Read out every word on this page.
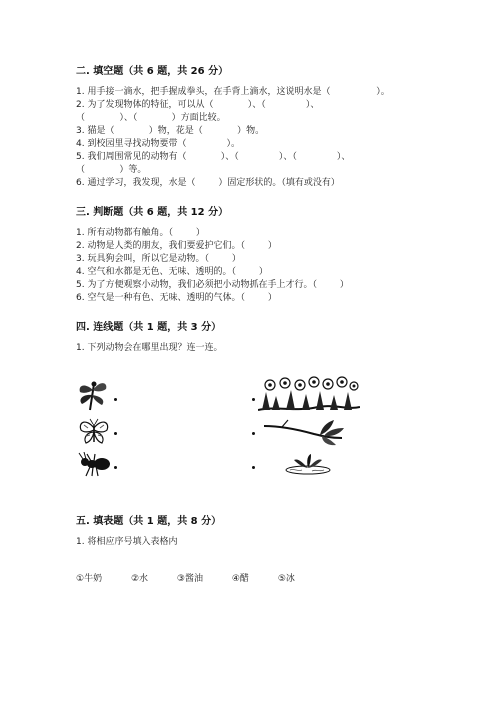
二. 填空题（共 6 题，共 26 分）
1. 用手接一滴水，把手握成拳头，在手背上滴水，这说明水是（                ）。
2. 为了发现物体的特征，可以从（            ）、（              ）、
（            ）、（            ）方面比较。
3. 猫是（            ）物，花是（            ）物。
4. 到校园里寻找动物要带（              ）。
5. 我们周围常见的动物有（            ）、（              ）、（              ）、
（            ）等。
6. 通过学习，我发现，水是（        ）固定形状的。（填有或没有）
三. 判断题（共 6 题，共 12 分）
1. 所有动物都有触角。（        ）
2. 动物是人类的朋友，我们要爱护它们。（        ）
3. 玩具狗会叫，所以它是动物。（        ）
4. 空气和水都是无色、无味、透明的。（        ）
5. 为了方便观察小动物，我们必须把小动物抓在手上才行。（        ）
6. 空气是一种有色、无味、透明的气体。（        ）
四. 连线题（共 1 题，共 3 分）
1. 下列动物会在哪里出现？连一连。
五. 填表题（共 1 题，共 8 分）
1. 将相应序号填入表格内
①牛奶	②水	③酱油	④醋	⑤冰
